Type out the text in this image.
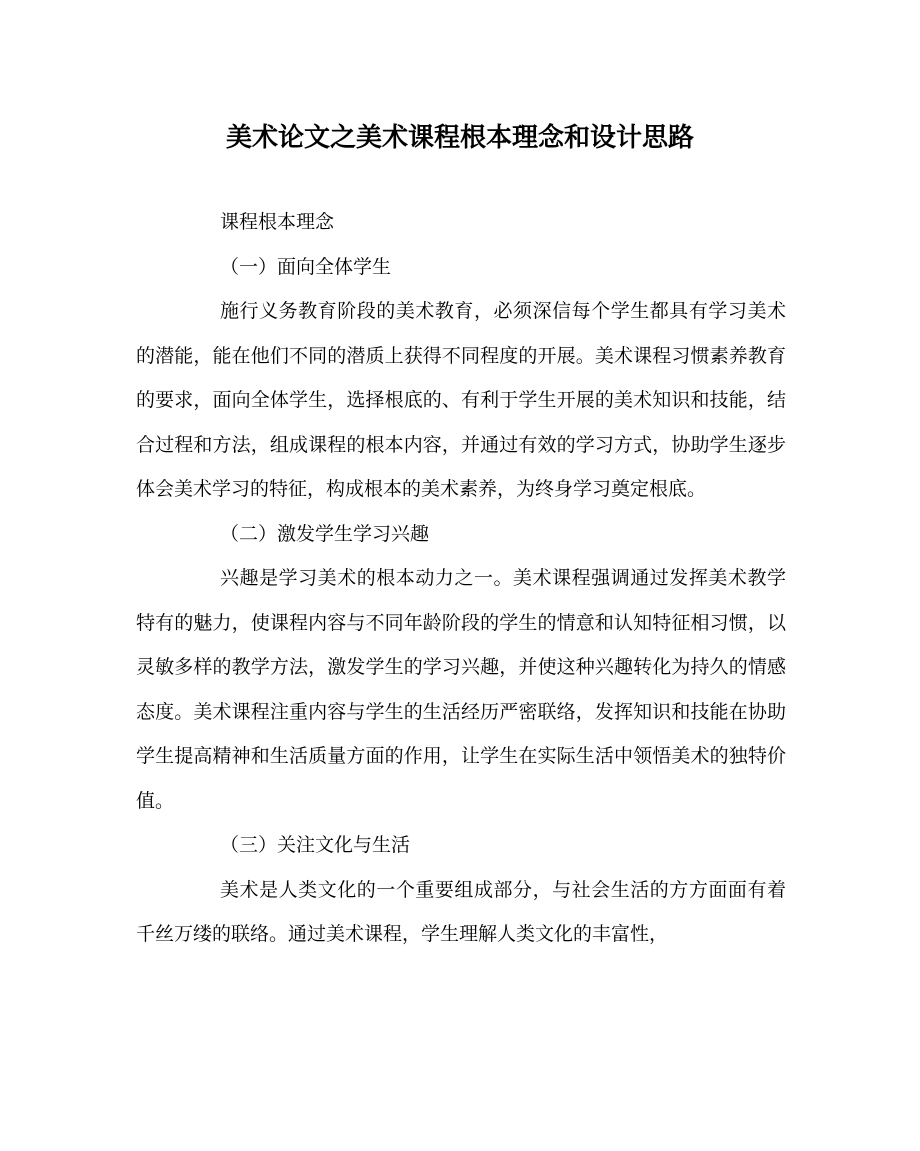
美术论文之美术课程根本理念和设计思路

课程根本理念

（一）面向全体学生

施行义务教育阶段的美术教育，必须深信每个学生都具有学习美术的潜能，能在他们不同的潜质上获得不同程度的开展。美术课程习惯素养教育的要求，面向全体学生，选择根底的、有利于学生开展的美术知识和技能，结合过程和方法，组成课程的根本内容，并通过有效的学习方式，协助学生逐步体会美术学习的特征，构成根本的美术素养，为终身学习奠定根底。

（二）激发学生学习兴趣

兴趣是学习美术的根本动力之一。美术课程强调通过发挥美术教学特有的魅力，使课程内容与不同年龄阶段的学生的情意和认知特征相习惯，以灵敏多样的教学方法，激发学生的学习兴趣，并使这种兴趣转化为持久的情感态度。美术课程注重内容与学生的生活经历严密联络，发挥知识和技能在协助学生提高精神和生活质量方面的作用，让学生在实际生活中领悟美术的独特价值。

（三）关注文化与生活

美术是人类文化的一个重要组成部分，与社会生活的方方面面有着千丝万缕的联络。通过美术课程，学生理解人类文化的丰富性，
